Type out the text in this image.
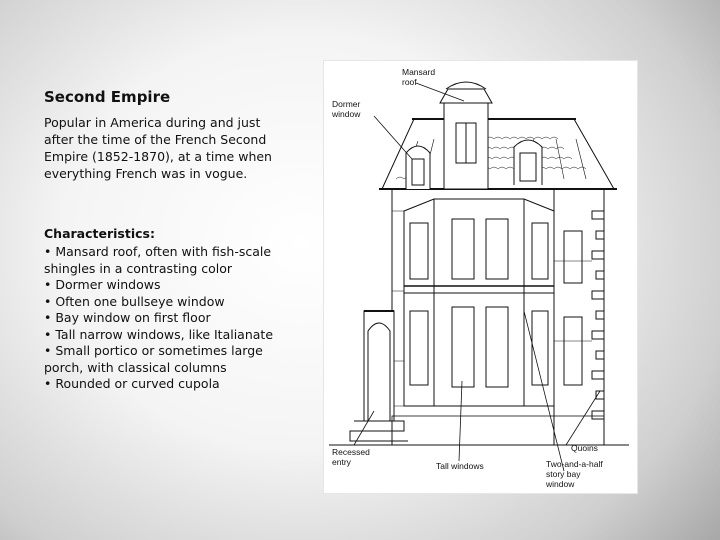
Second Empire
Popular in America during and just after the time of the French Second Empire (1852-1870), at a time when everything French was in vogue.
Characteristics:
• Mansard roof, often with fish-scale shingles in a contrasting color
• Dormer windows
• Often one bullseye window
• Bay window on first floor
• Tall narrow windows, like Italianate
• Small portico or sometimes large porch, with classical columns
• Rounded or curved cupola
Mansard
roof
Dormer
window
Quoins
Recessed
entry	Tall windows	Two-and-a-half
story bay
window
